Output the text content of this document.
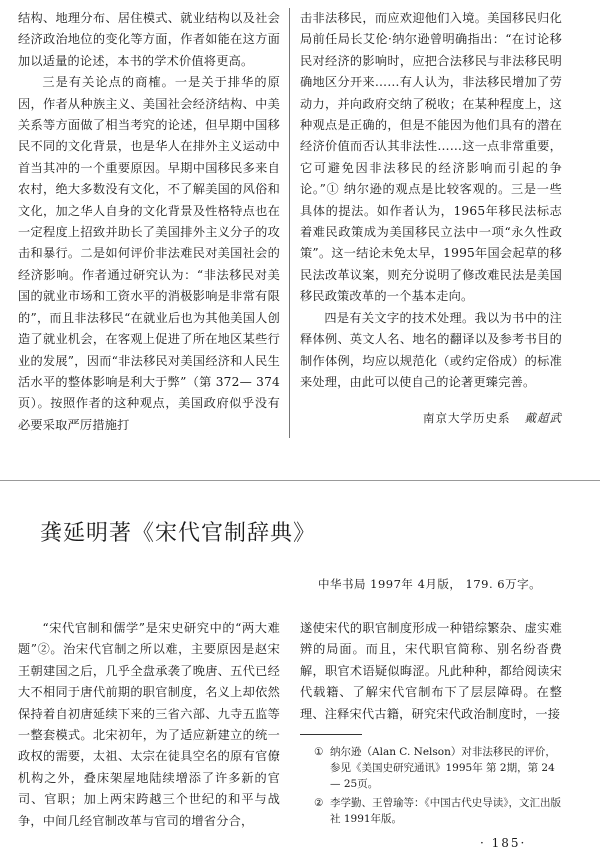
结构、地理分布、居住模式、就业结构以及社会经济政治地位的变化等方面，作者如能在这方面加以适量的论述，本书的学术价值将更高。

三是有关论点的商榷。一是关于排华的原因，作者从种族主义、美国社会经济结构、中美关系等方面做了相当考究的论述，但早期中国移民不同的文化背景，也是华人在排外主义运动中首当其冲的一个重要原因。早期中国移民多来自农村，绝大多数没有文化，不了解美国的风俗和文化，加之华人自身的文化背景及性格特点也在一定程度上招致并助长了美国排外主义分子的攻击和暴行。二是如何评价非法难民对美国社会的经济影响。作者通过研究认为：“非法移民对美国的就业市场和工资水平的消极影响是非常有限的”，而且非法移民“在就业后也为其他美国人创造了就业机会，在客观上促进了所在地区某些行业的发展”，因而“非法移民对美国经济和人民生活水平的整体影响是利大于弊”（第 372— 374页）。按照作者的这种观点，美国政府似乎没有必要采取严厉措施打

击非法移民，而应欢迎他们入境。美国移民归化局前任局长艾伦·纳尔逊曾明确指出：“在讨论移民对经济的影响时，应把合法移民与非法移民明确地区分开来……有人认为，非法移民增加了劳动力，并向政府交纳了税收；在某种程度上，这种观点是正确的，但是不能因为他们具有的潜在经济价值而否认其非法性……这一点非常重要，它可避免因非法移民的经济影响而引起的争论。”① 纳尔逊的观点是比较客观的。三是一些具体的提法。如作者认为，1965年移民法标志着难民政策成为美国移民立法中一项“永久性政策”。这一结论未免太早，1995年国会起草的移民法改革议案，则充分说明了修改难民法是美国移民政策改革的一个基本走向。

四是有关文字的技术处理。我以为书中的注释体例、英文人名、地名的翻译以及参考书目的制作体例，均应以规范化（或约定俗成）的标准来处理，由此可以使自己的论著更臻完善。

南京大学历史系 戴超武
龚延明著《宋代官制辞典》
中华书局 1997年 4月版， 179. 6万字。

“宋代官制和儒学”是宋史研究中的“两大难题”②。治宋代官制之所以难，主要原因是赵宋王朝建国之后，几乎全盘承袭了晚唐、五代已经大不相同于唐代前期的职官制度，名义上却依然保持着自初唐延续下来的三省六部、九寺五监等一整套模式。北宋初年，为了适应新建立的统一政权的需要，太祖、太宗在徒具空名的原有官僚机构之外，叠床架屋地陆续增添了许多新的官司、官职；加上两宋跨越三个世纪的和平与战争，中间几经官制改革与官司的增省分合，

遂使宋代的职官制度形成一种错综繁杂、虚实难辨的局面。而且，宋代职官简称、别名纷沓费解，职官术语疑似晦涩。凡此种种，都给阅读宋代载籍、了解宋代官制布下了层层障碍。在整理、注释宋代古籍，研究宋代政治制度时，一接

① 纳尔逊（Alan C. Nelson）对非法移民的评价，参见《美国史研究通讯》1995年 第 2期，第 24— 25页。
② 李学勤、王曾瑜等：《中国古代史导读》，文汇出版社 1991年版。
· 185·
